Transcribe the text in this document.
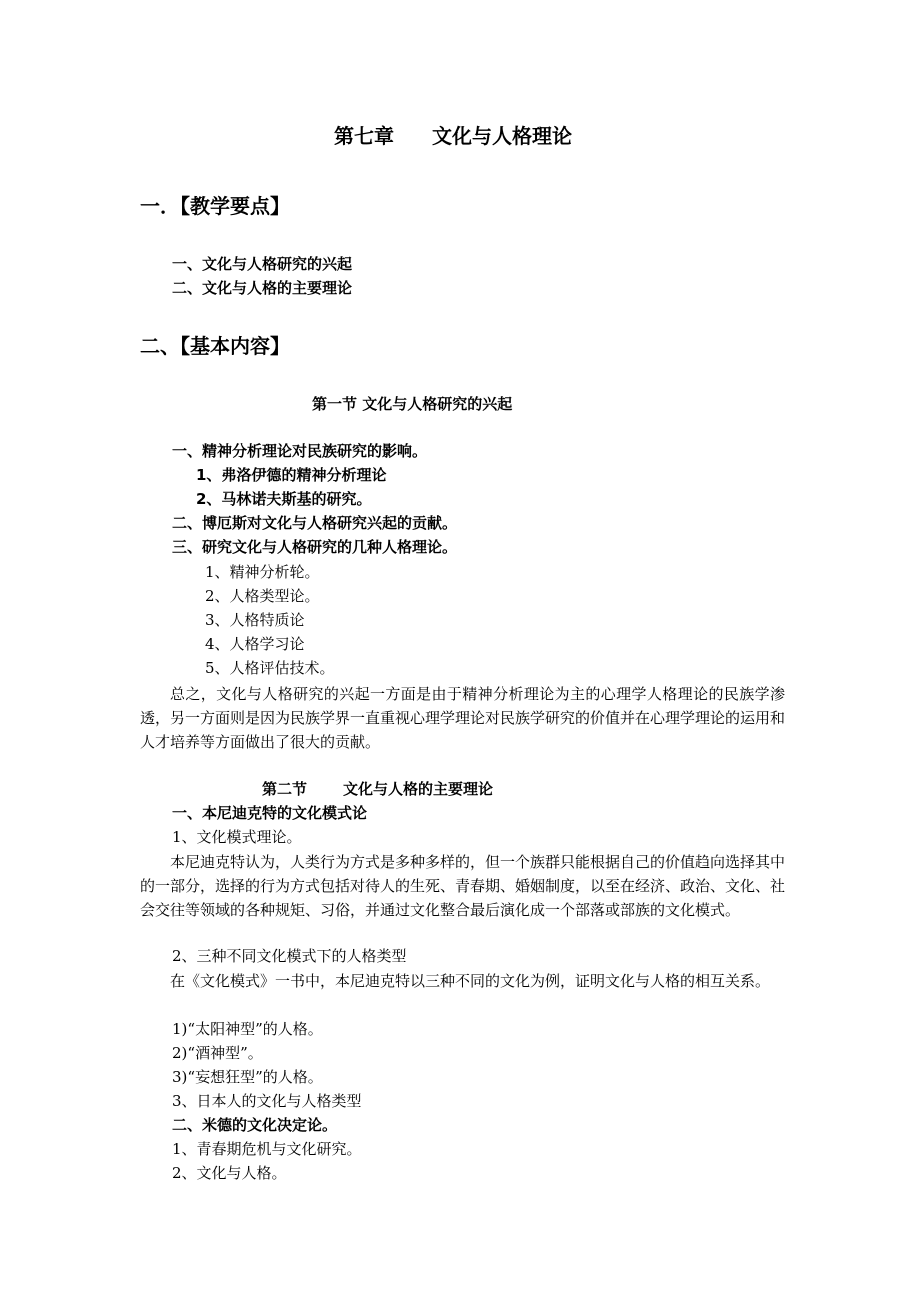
第七章 文化与人格理论
一．【教学要点】
一、文化与人格研究的兴起
二、文化与人格的主要理论
二、【基本内容】
第一节 文化与人格研究的兴起
一、精神分析理论对民族研究的影响。
1、弗洛伊德的精神分析理论
2、马林诺夫斯基的研究。
二、博厄斯对文化与人格研究兴起的贡献。
三、研究文化与人格研究的几种人格理论。
1、精神分析轮。
2、人格类型论。
3、人格特质论
4、人格学习论
5、人格评估技术。

总之，文化与人格研究的兴起一方面是由于精神分析理论为主的心理学人格理论的民族学渗透，另一方面则是因为民族学界一直重视心理学理论对民族学研究的价值并在心理学理论的运用和人才培养等方面做出了很大的贡献。

第二节 文化与人格的主要理论
一、本尼迪克特的文化模式论
1、文化模式理论。

本尼迪克特认为，人类行为方式是多种多样的，但一个族群只能根据自己的价值趋向选择其中的一部分，选择的行为方式包括对待人的生死、青春期、婚姻制度，以至在经济、政治、文化、社会交往等领域的各种规矩、习俗，并通过文化整合最后演化成一个部落或部族的文化模式。

2、三种不同文化模式下的人格类型

在《文化模式》一书中，本尼迪克特以三种不同的文化为例，证明文化与人格的相互关系。

1)“太阳神型”的人格。
2)“酒神型”。
3)“妄想狂型”的人格。
3、日本人的文化与人格类型
二、米德的文化决定论。
1、青春期危机与文化研究。
2、文化与人格。
